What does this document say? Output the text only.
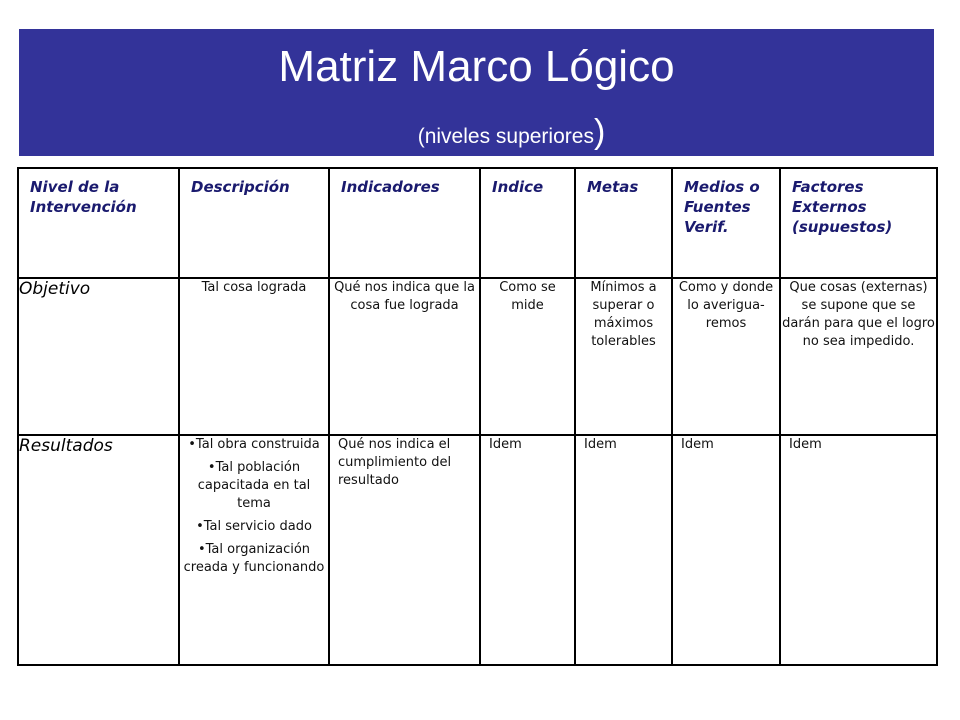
Matriz Marco Lógico
(niveles superiores)
Nivel de la Intervención	Descripción	Indicadores	Indice	Metas	Medios o Fuentes Verif.	Factores Externos (supuestos)
Objetivo	Tal cosa lograda	Qué nos indica que la cosa fue lograda	Como se mide	Mínimos a superar o máximos tolerables	Como y donde lo averigua-remos	Que cosas (externas) se supone que se darán para que el logro no sea impedido.
Resultados	•Tal obra construida
•Tal población capacitada en tal tema
•Tal servicio dado
•Tal organización creada y funcionando	Qué nos indica el cumplimiento del resultado	Idem	Idem	Idem	Idem
